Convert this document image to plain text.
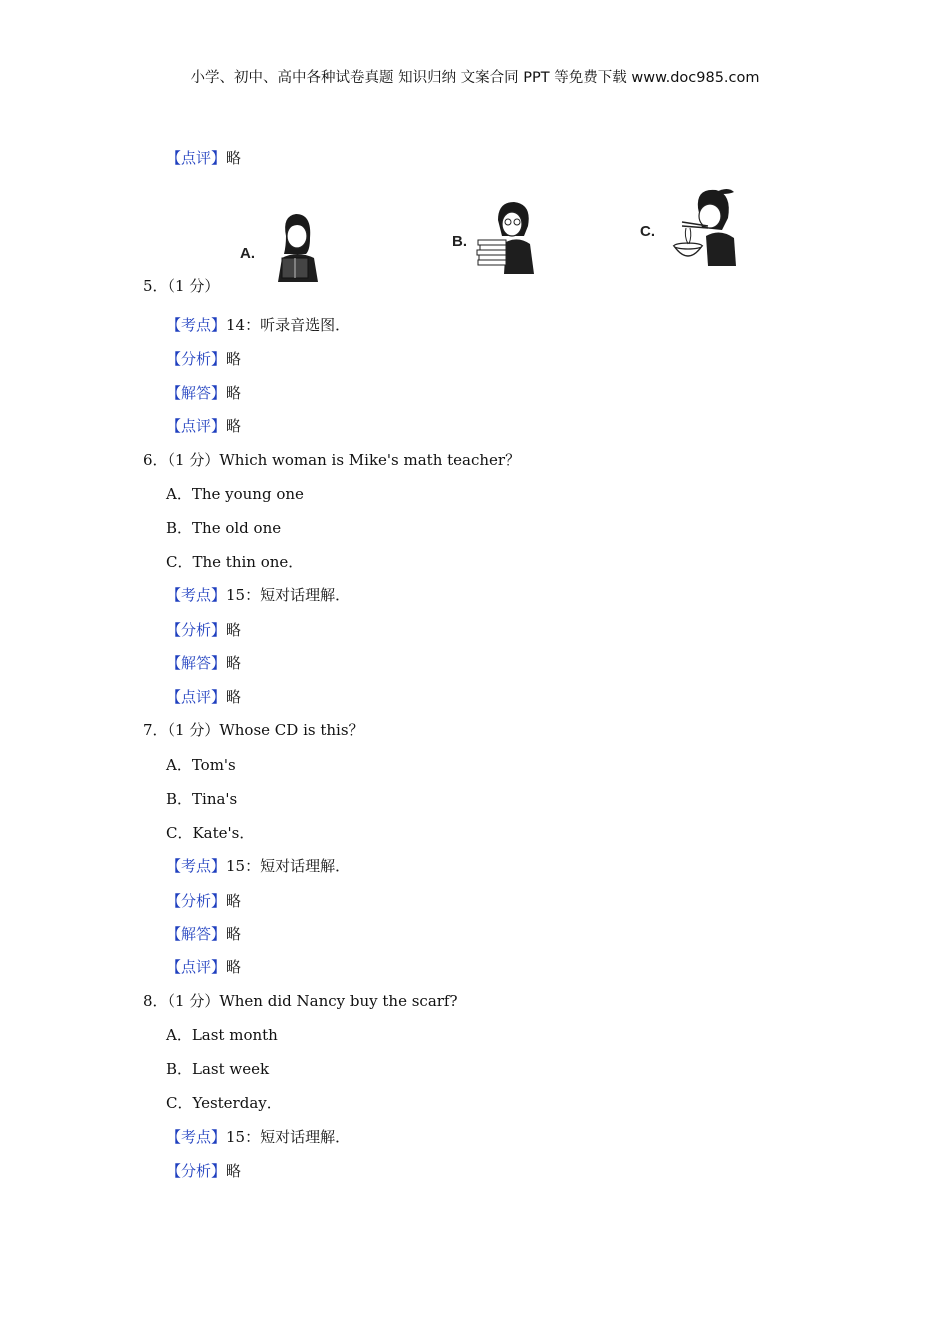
小学、初中、高中各种试卷真题 知识归纳 文案合同 PPT 等免费下载 www.doc985.com
【点评】略
A.
B.
C.
5．（1 分）
【考点】14：听录音选图．
【分析】略
【解答】略
【点评】略
6．（1 分）Which woman is Mike's math teacher？
A．The young one
B．The old one
C．The thin one．
【考点】15：短对话理解．
【分析】略
【解答】略
【点评】略
7．（1 分）Whose CD is this？
A．Tom's
B．Tina's
C．Kate's．
【考点】15：短对话理解．
【分析】略
【解答】略
【点评】略
8．（1 分）When did Nancy buy the scarf?
A．Last month
B．Last week
C．Yesterday．
【考点】15：短对话理解．
【分析】略
